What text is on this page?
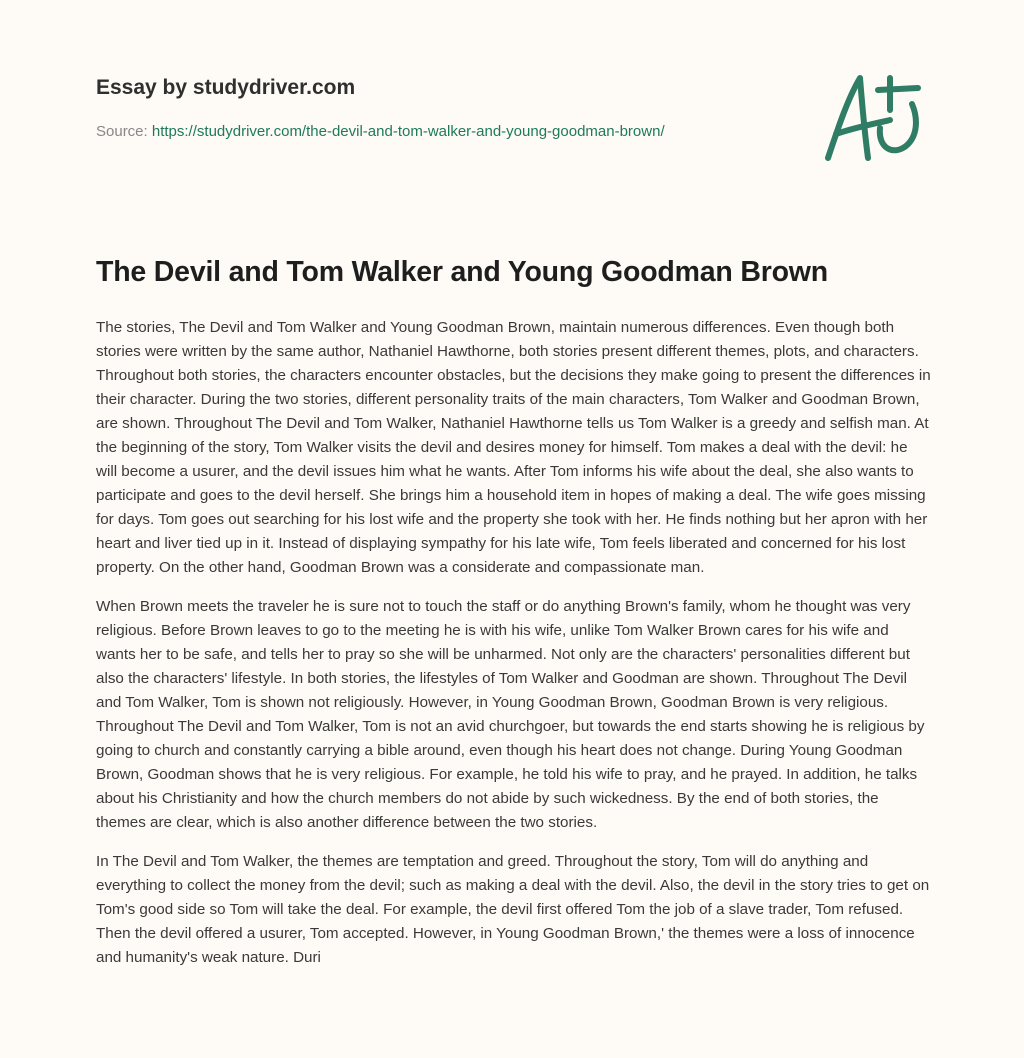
Essay by studydriver.com
Source: https://studydriver.com/the-devil-and-tom-walker-and-young-goodman-brown/
The Devil and Tom Walker and Young Goodman Brown

The stories, The Devil and Tom Walker and Young Goodman Brown, maintain numerous differences. Even though both stories were written by the same author, Nathaniel Hawthorne, both stories present different themes, plots, and characters. Throughout both stories, the characters encounter obstacles, but the decisions they make going to present the differences in their character. During the two stories, different personality traits of the main characters, Tom Walker and Goodman Brown, are shown. Throughout The Devil and Tom Walker, Nathaniel Hawthorne tells us Tom Walker is a greedy and selfish man. At the beginning of the story, Tom Walker visits the devil and desires money for himself. Tom makes a deal with the devil: he will become a usurer, and the devil issues him what he wants. After Tom informs his wife about the deal, she also wants to participate and goes to the devil herself. She brings him a household item in hopes of making a deal. The wife goes missing for days. Tom goes out searching for his lost wife and the property she took with her. He finds nothing but her apron with her heart and liver tied up in it. Instead of displaying sympathy for his late wife, Tom feels liberated and concerned for his lost property. On the other hand, Goodman Brown was a considerate and compassionate man.

When Brown meets the traveler he is sure not to touch the staff or do anything Brown's family, whom he thought was very religious. Before Brown leaves to go to the meeting he is with his wife, unlike Tom Walker Brown cares for his wife and wants her to be safe, and tells her to pray so she will be unharmed. Not only are the characters' personalities different but also the characters' lifestyle. In both stories, the lifestyles of Tom Walker and Goodman are shown. Throughout The Devil and Tom Walker, Tom is shown not religiously. However, in Young Goodman Brown, Goodman Brown is very religious. Throughout The Devil and Tom Walker, Tom is not an avid churchgoer, but towards the end starts showing he is religious by going to church and constantly carrying a bible around, even though his heart does not change. During Young Goodman Brown, Goodman shows that he is very religious. For example, he told his wife to pray, and he prayed. In addition, he talks about his Christianity and how the church members do not abide by such wickedness. By the end of both stories, the themes are clear, which is also another difference between the two stories.

In The Devil and Tom Walker, the themes are temptation and greed. Throughout the story, Tom will do anything and everything to collect the money from the devil; such as making a deal with the devil. Also, the devil in the story tries to get on Tom's good side so Tom will take the deal. For example, the devil first offered Tom the job of a slave trader, Tom refused. Then the devil offered a usurer, Tom accepted. However, in Young Goodman Brown,' the themes were a loss of innocence and humanity's weak nature. Duri
